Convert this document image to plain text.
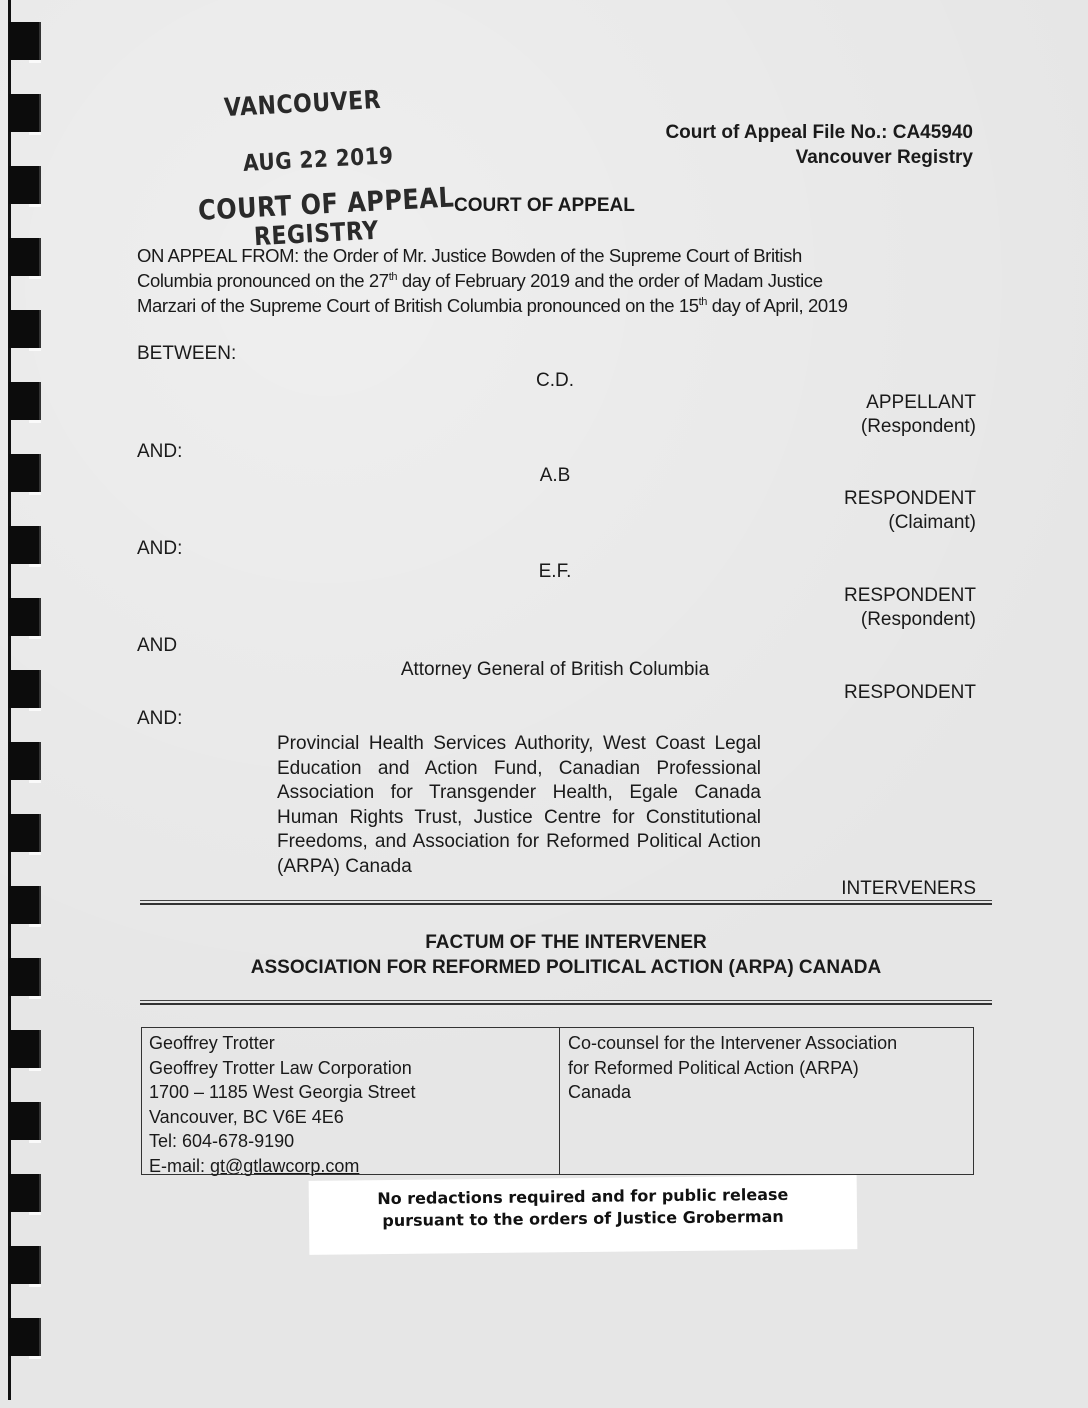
VANCOUVER
AUG 22 2019
COURT OF APPEAL
REGISTRY
Court of Appeal File No.: CA45940
Vancouver Registry
COURT OF APPEAL
ON APPEAL FROM: the Order of Mr. Justice Bowden of the Supreme Court of British
Columbia pronounced on the 27th day of February 2019 and the order of Madam Justice
Marzari of the Supreme Court of British Columbia pronounced on the 15th day of April, 2019
BETWEEN:
C.D.
APPELLANT
(Respondent)
AND:
A.B
RESPONDENT
(Claimant)
AND:
E.F.
RESPONDENT
(Respondent)
AND
Attorney General of British Columbia
RESPONDENT
AND:
Provincial Health Services Authority, West Coast Legal Education and Action Fund, Canadian Professional Association for Transgender Health, Egale Canada Human Rights Trust, Justice Centre for Constitutional Freedoms, and Association for Reformed Political Action (ARPA) Canada
INTERVENERS
FACTUM OF THE INTERVENER
ASSOCIATION FOR REFORMED POLITICAL ACTION (ARPA) CANADA
Geoffrey Trotter
Geoffrey Trotter Law Corporation
1700 – 1185 West Georgia Street
Vancouver, BC V6E 4E6
Tel: 604-678-9190
E-mail: gt@gtlawcorp.com
Co-counsel for the Intervener Association
for Reformed Political Action (ARPA)
Canada
No redactions required and for public release
pursuant to the orders of Justice Groberman
